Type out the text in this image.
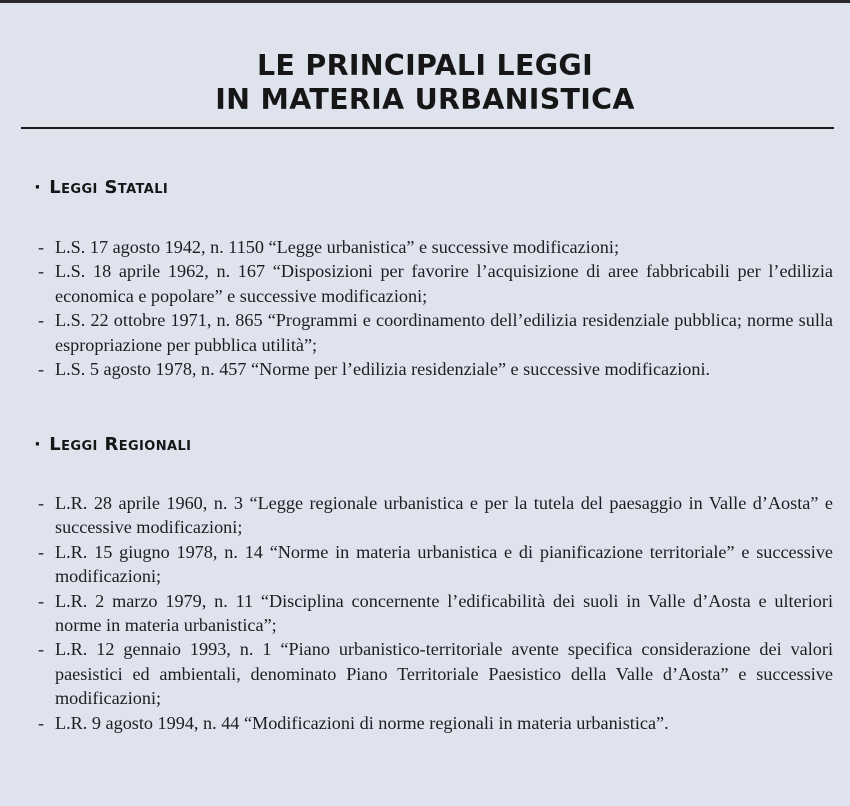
LE PRINCIPALI LEGGI
IN MATERIA URBANISTICA
· Leggi Statali
- L.S. 17 agosto 1942, n. 1150 “Legge urbanistica” e successive modificazioni;
- L.S. 18 aprile 1962, n. 167 “Disposizioni per favorire l’acquisizione di aree fabbricabili per l’edilizia economica e popolare” e successive modificazioni;
- L.S. 22 ottobre 1971, n. 865 “Programmi e coordinamento dell’edilizia residenziale pubblica; norme sulla espropriazione per pubblica utilità”;
- L.S. 5 agosto 1978, n. 457 “Norme per l’edilizia residenziale” e successive modificazioni.
· Leggi Regionali
- L.R. 28 aprile 1960, n. 3 “Legge regionale urbanistica e per la tutela del paesaggio in Valle d’Aosta” e successive modificazioni;
- L.R. 15 giugno 1978, n. 14 “Norme in materia urbanistica e di pianificazione territoriale” e successive modificazioni;
- L.R. 2 marzo 1979, n. 11 “Disciplina concernente l’edificabilità dei suoli in Valle d’Aosta e ulteriori norme in materia urbanistica”;
- L.R. 12 gennaio 1993, n. 1 “Piano urbanistico-territoriale avente specifica considerazione dei valori paesistici ed ambientali, denominato Piano Territoriale Paesistico della Valle d’Aosta” e successive modificazioni;
- L.R. 9 agosto 1994, n. 44 “Modificazioni di norme regionali in materia urbanistica”.
